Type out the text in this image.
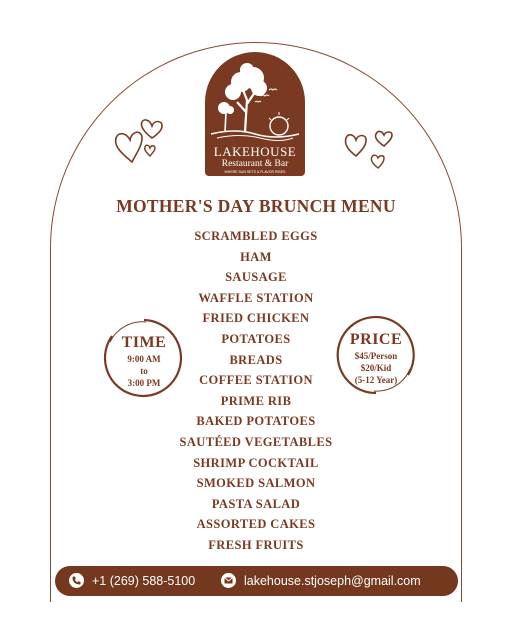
LAKEHOUSE
Restaurant & Bar
WHERE SUN SETS & FLAVOR RISES
MOTHER'S DAY BRUNCH MENU
SCRAMBLED EGGS
HAM
SAUSAGE
WAFFLE STATION
FRIED CHICKEN
POTATOES
BREADS
COFFEE STATION
PRIME RIB
BAKED POTATOES
SAUTÉED VEGETABLES
SHRIMP COCKTAIL
SMOKED SALMON
PASTA SALAD
ASSORTED CAKES
FRESH FRUITS
TIME
9:00 AM
to
3:00 PM
PRICE
$45/Person
$20/Kid
(5-12 Year)
+1 (269) 588-5100	lakehouse.stjoseph@gmail.com
